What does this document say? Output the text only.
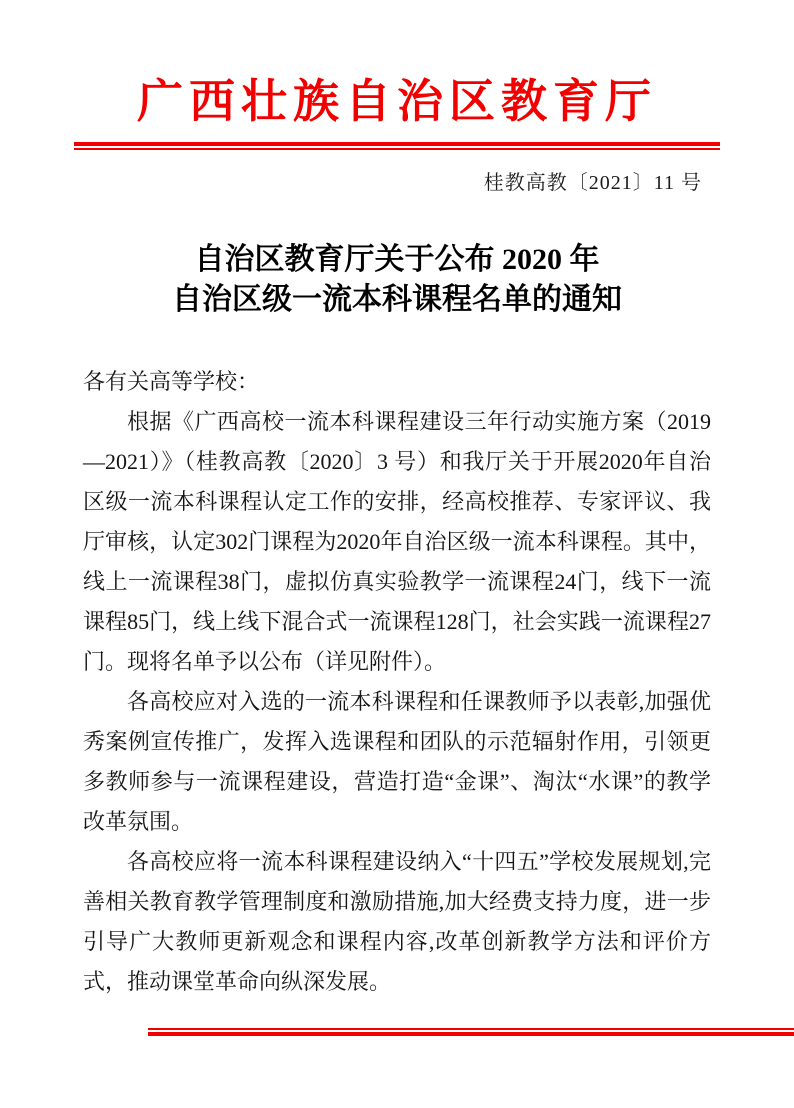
广西壮族自治区教育厅
桂教高教〔2021〕11 号
自治区教育厅关于公布 2020 年
自治区级一流本科课程名单的通知

各有关高等学校：

根据《广西高校一流本科课程建设三年行动实施方案（2019—2021）》（桂教高教〔2020〕3 号）和我厅关于开展2020年自治区级一流本科课程认定工作的安排，经高校推荐、专家评议、我厅审核，认定302门课程为2020年自治区级一流本科课程。其中，线上一流课程38门，虚拟仿真实验教学一流课程24门，线下一流课程85门，线上线下混合式一流课程128门，社会实践一流课程27门。现将名单予以公布（详见附件）。

各高校应对入选的一流本科课程和任课教师予以表彰,加强优秀案例宣传推广，发挥入选课程和团队的示范辐射作用，引领更多教师参与一流课程建设，营造打造“金课”、淘汰“水课”的教学改革氛围。

各高校应将一流本科课程建设纳入“十四五”学校发展规划,完善相关教育教学管理制度和激励措施,加大经费支持力度，进一步引导广大教师更新观念和课程内容,改革创新教学方法和评价方式，推动课堂革命向纵深发展。
